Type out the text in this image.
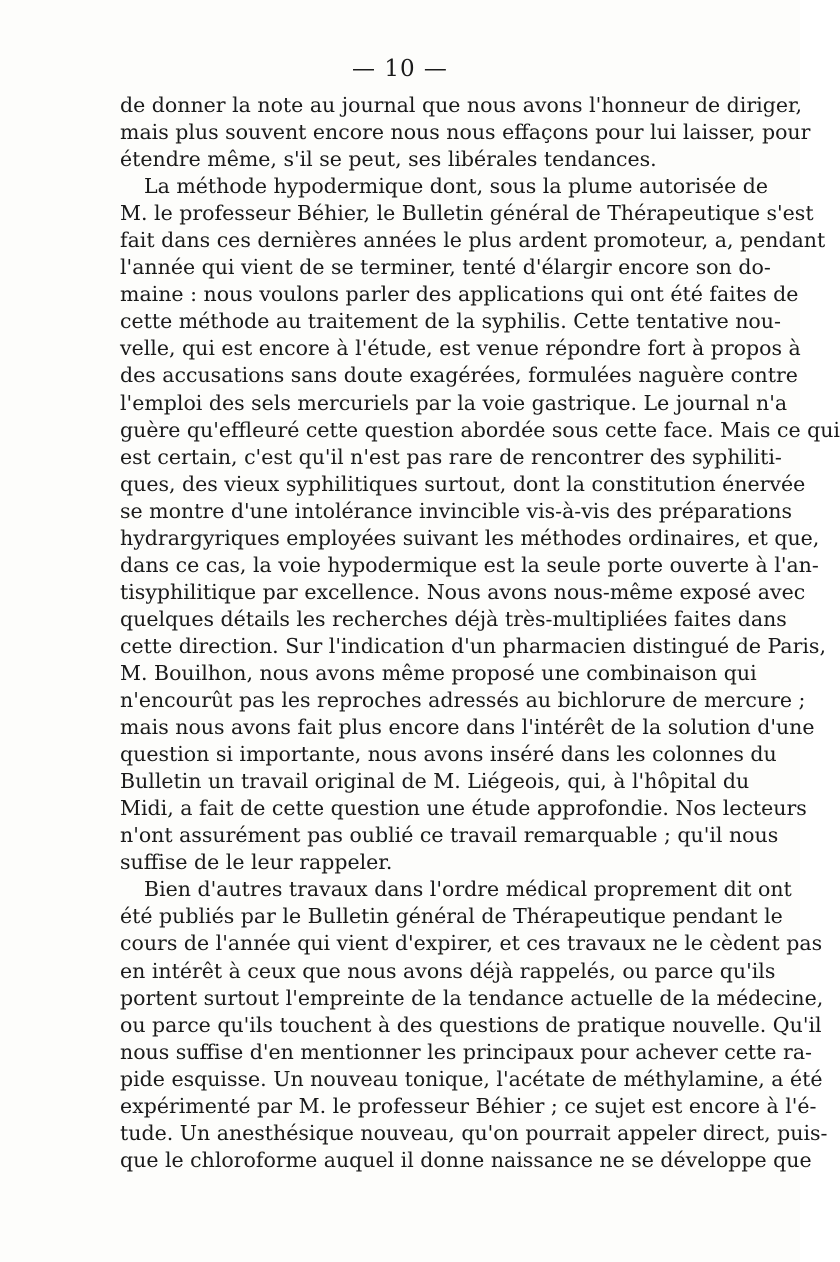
— 10 —
de donner la note au journal que nous avons l'honneur de diriger,
mais plus souvent encore nous nous effaçons pour lui laisser, pour
étendre même, s'il se peut, ses libérales tendances.
La méthode hypodermique dont, sous la plume autorisée de
M. le professeur Béhier, le Bulletin général de Thérapeutique s'est
fait dans ces dernières années le plus ardent promoteur, a, pendant
l'année qui vient de se terminer, tenté d'élargir encore son do-
maine : nous voulons parler des applications qui ont été faites de
cette méthode au traitement de la syphilis. Cette tentative nou-
velle, qui est encore à l'étude, est venue répondre fort à propos à
des accusations sans doute exagérées, formulées naguère contre
l'emploi des sels mercuriels par la voie gastrique. Le journal n'a
guère qu'effleuré cette question abordée sous cette face. Mais ce qui
est certain, c'est qu'il n'est pas rare de rencontrer des syphiliti-
ques, des vieux syphilitiques surtout, dont la constitution énervée
se montre d'une intolérance invincible vis-à-vis des préparations
hydrargyriques employées suivant les méthodes ordinaires, et que,
dans ce cas, la voie hypodermique est la seule porte ouverte à l'an-
tisyphilitique par excellence. Nous avons nous-même exposé avec
quelques détails les recherches déjà très-multipliées faites dans
cette direction. Sur l'indication d'un pharmacien distingué de Paris,
M. Bouilhon, nous avons même proposé une combinaison qui
n'encourût pas les reproches adressés au bichlorure de mercure ;
mais nous avons fait plus encore dans l'intérêt de la solution d'une
question si importante, nous avons inséré dans les colonnes du
Bulletin un travail original de M. Liégeois, qui, à l'hôpital du
Midi, a fait de cette question une étude approfondie. Nos lecteurs
n'ont assurément pas oublié ce travail remarquable ; qu'il nous
suffise de le leur rappeler.
Bien d'autres travaux dans l'ordre médical proprement dit ont
été publiés par le Bulletin général de Thérapeutique pendant le
cours de l'année qui vient d'expirer, et ces travaux ne le cèdent pas
en intérêt à ceux que nous avons déjà rappelés, ou parce qu'ils
portent surtout l'empreinte de la tendance actuelle de la médecine,
ou parce qu'ils touchent à des questions de pratique nouvelle. Qu'il
nous suffise d'en mentionner les principaux pour achever cette ra-
pide esquisse. Un nouveau tonique, l'acétate de méthylamine, a été
expérimenté par M. le professeur Béhier ; ce sujet est encore à l'é-
tude. Un anesthésique nouveau, qu'on pourrait appeler direct, puis-
que le chloroforme auquel il donne naissance ne se développe que
